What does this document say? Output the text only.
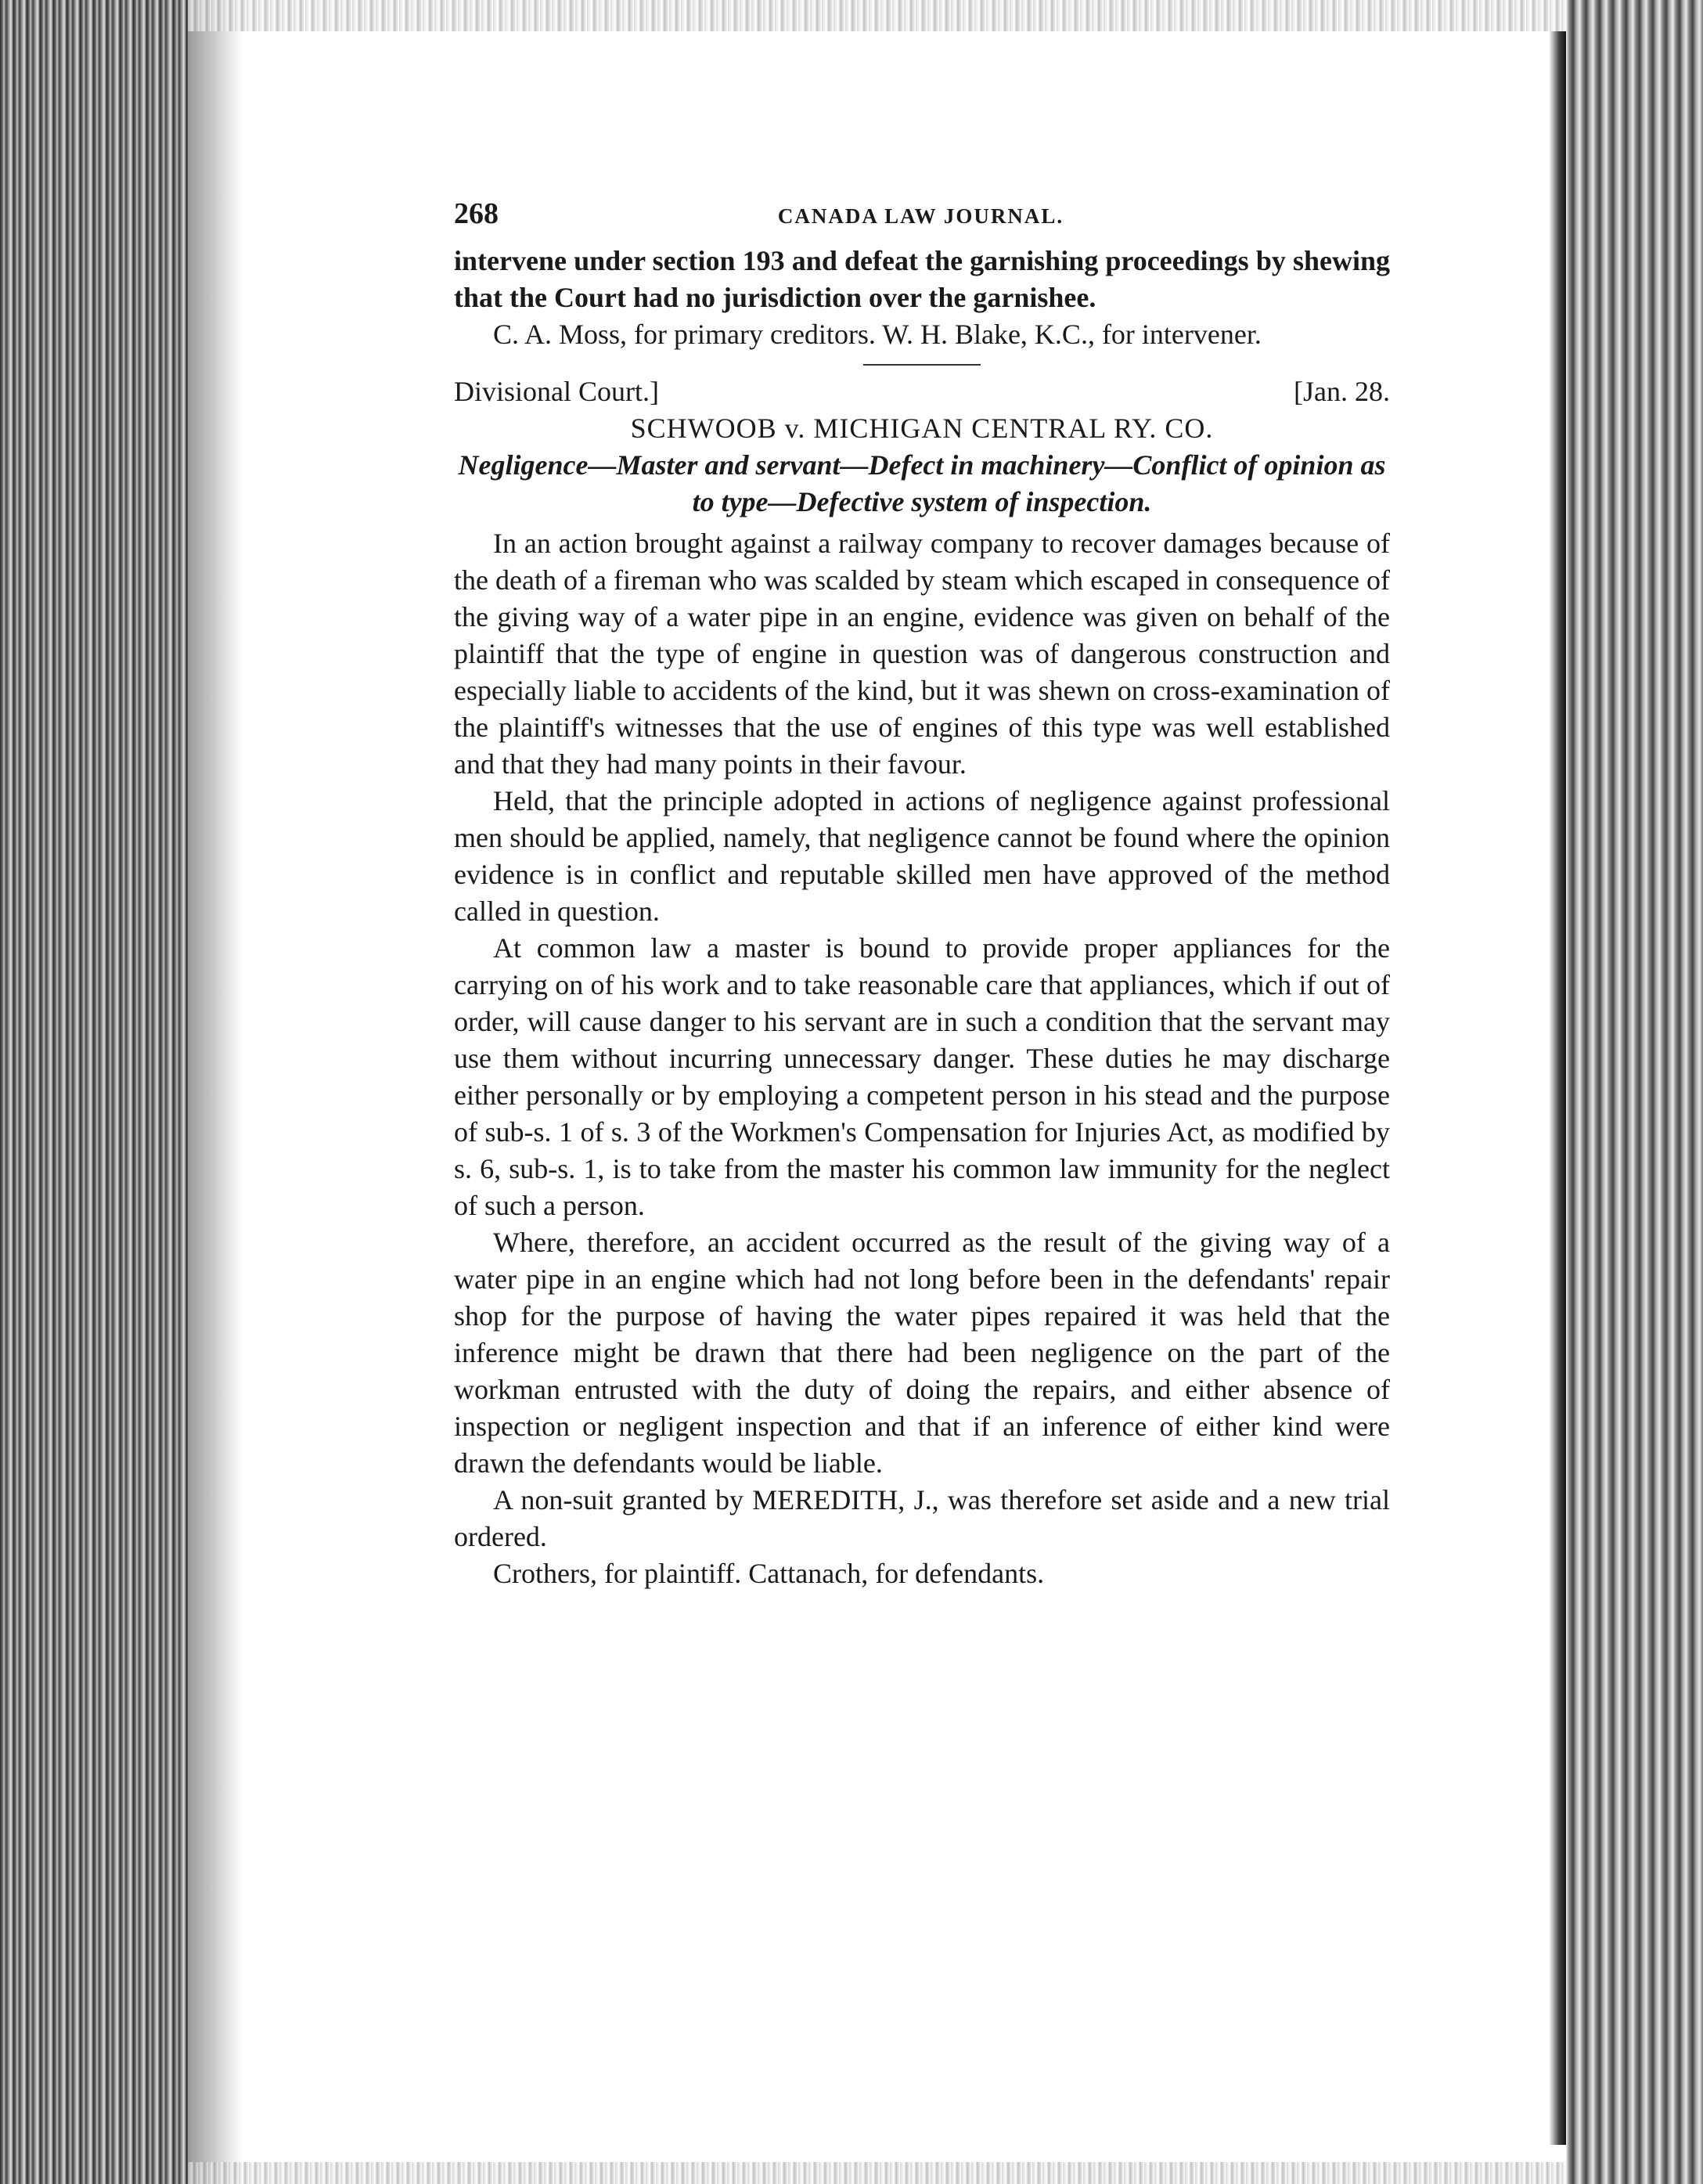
268	CANADA LAW JOURNAL.

intervene under section 193 and defeat the garnishing proceedings by shewing that the Court had no jurisdiction over the garnishee.

C. A. Moss, for primary creditors. W. H. Blake, K.C., for intervener.

Divisional Court.]	[Jan. 28.
SCHWOOB v. MICHIGAN CENTRAL RY. CO.
Negligence—Master and servant—Defect in machinery—Conflict of opinion as to type—Defective system of inspection.

In an action brought against a railway company to recover damages because of the death of a fireman who was scalded by steam which escaped in consequence of the giving way of a water pipe in an engine, evidence was given on behalf of the plaintiff that the type of engine in question was of dangerous construction and especially liable to accidents of the kind, but it was shewn on cross-examination of the plaintiff's witnesses that the use of engines of this type was well established and that they had many points in their favour.

Held, that the principle adopted in actions of negligence against professional men should be applied, namely, that negligence cannot be found where the opinion evidence is in conflict and reputable skilled men have approved of the method called in question.

At common law a master is bound to provide proper appliances for the carrying on of his work and to take reasonable care that appliances, which if out of order, will cause danger to his servant are in such a condition that the servant may use them without incurring unnecessary danger. These duties he may discharge either personally or by employing a competent person in his stead and the purpose of sub-s. 1 of s. 3 of the Workmen's Compensation for Injuries Act, as modified by s. 6, sub-s. 1, is to take from the master his common law immunity for the neglect of such a person.

Where, therefore, an accident occurred as the result of the giving way of a water pipe in an engine which had not long before been in the defendants' repair shop for the purpose of having the water pipes repaired it was held that the inference might be drawn that there had been negligence on the part of the workman entrusted with the duty of doing the repairs, and either absence of inspection or negligent inspection and that if an inference of either kind were drawn the defendants would be liable.

A non-suit granted by MEREDITH, J., was therefore set aside and a new trial ordered.

Crothers, for plaintiff. Cattanach, for defendants.
